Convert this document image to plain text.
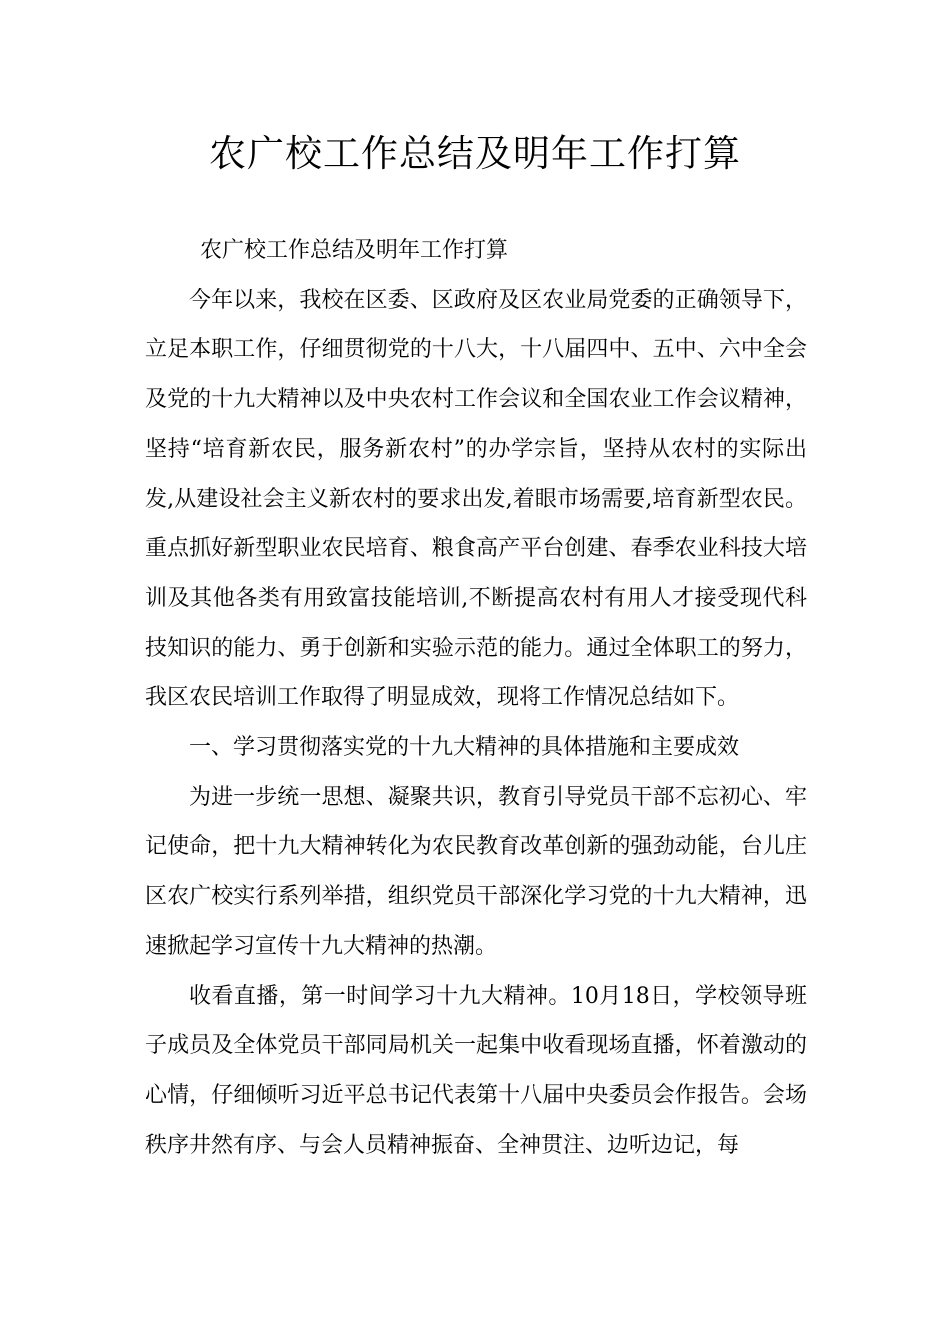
农广校工作总结及明年工作打算

农广校工作总结及明年工作打算

今年以来，我校在区委、区政府及区农业局党委的正确领导下，立足本职工作，仔细贯彻党的十八大，十八届四中、五中、六中全会及党的十九大精神以及中央农村工作会议和全国农业工作会议精神，坚持“培育新农民，服务新农村”的办学宗旨，坚持从农村的实际出发,从建设社会主义新农村的要求出发,着眼市场需要,培育新型农民。重点抓好新型职业农民培育、粮食高产平台创建、春季农业科技大培训及其他各类有用致富技能培训,不断提高农村有用人才接受现代科技知识的能力、勇于创新和实验示范的能力。通过全体职工的努力，我区农民培训工作取得了明显成效，现将工作情况总结如下。

一、学习贯彻落实党的十九大精神的具体措施和主要成效

为进一步统一思想、凝聚共识，教育引导党员干部不忘初心、牢记使命，把十九大精神转化为农民教育改革创新的强劲动能，台儿庄区农广校实行系列举措，组织党员干部深化学习党的十九大精神，迅速掀起学习宣传十九大精神的热潮。

收看直播，第一时间学习十九大精神。10月18日，学校领导班子成员及全体党员干部同局机关一起集中收看现场直播，怀着激动的心情，仔细倾听习近平总书记代表第十八届中央委员会作报告。会场秩序井然有序、与会人员精神振奋、全神贯注、边听边记，每
